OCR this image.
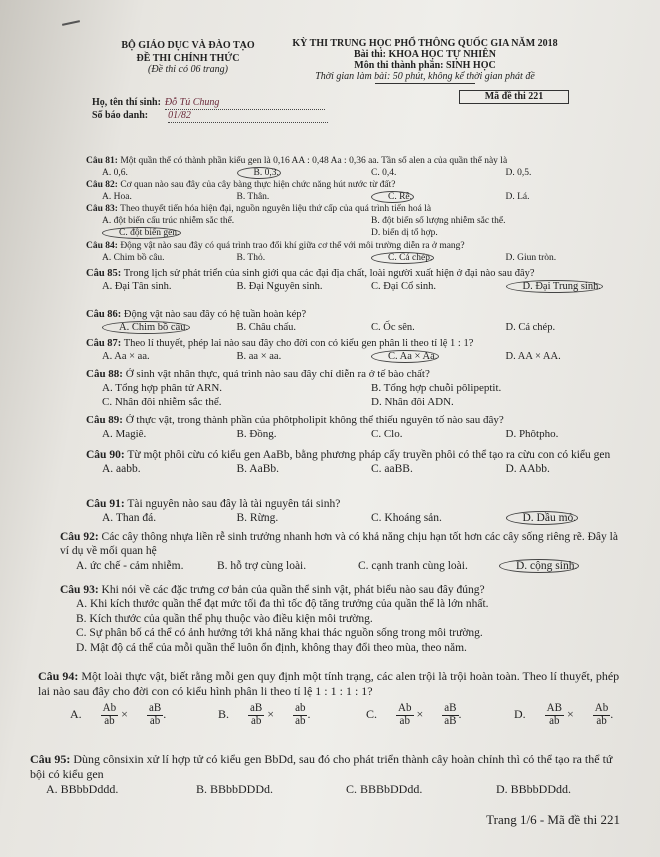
BỘ GIÁO DỤC VÀ ĐÀO TẠO
ĐỀ THI CHÍNH THỨC
(Đề thi có 06 trang)
KỲ THI TRUNG HỌC PHỔ THÔNG QUỐC GIA NĂM 2018
Bài thi: KHOA HỌC TỰ NHIÊN
Môn thi thành phần: SINH HỌC
Thời gian làm bài: 50 phút, không kể thời gian phát đề
Họ, tên thí sinh: Đỗ Tú Chung
Số báo danh: 01/82
Mã đề thi 221
Câu 81: Một quần thể có thành phần kiểu gen là 0,16 AA : 0,48 Aa : 0,36 aa. Tần số alen a của quần thể này là
A. 0,6.	B. 0,3.	C. 0,4.	D. 0,5.
Câu 82: Cơ quan nào sau đây của cây bàng thực hiện chức năng hút nước từ đất?
A. Hoa.	B. Thân.	C. Rễ.	D. Lá.
Câu 83: Theo thuyết tiến hóa hiện đại, nguồn nguyên liệu thứ cấp của quá trình tiến hoá là
A. đột biến cấu trúc nhiễm sắc thể.	B. đột biến số lượng nhiễm sắc thể.
C. đột biến gen.	D. biến dị tổ hợp.
Câu 84: Động vật nào sau đây có quá trình trao đổi khí giữa cơ thể với môi trường diễn ra ở mang?
A. Chim bồ câu.	B. Thỏ.	C. Cá chép.	D. Giun tròn.
Câu 85: Trong lịch sử phát triển của sinh giới qua các đại địa chất, loài người xuất hiện ở đại nào sau đây?
A. Đại Tân sinh.	B. Đại Nguyên sinh.	C. Đại Cổ sinh.	D. Đại Trung sinh.
Câu 86: Động vật nào sau đây có hệ tuần hoàn kép?
A. Chim bồ câu.	B. Châu chấu.	C. Ốc sên.	D. Cá chép.
Câu 87: Theo lí thuyết, phép lai nào sau đây cho đời con có kiểu gen phân li theo tỉ lệ 1 : 1?
A. Aa × aa.	B. aa × aa.	C. Aa × Aa.	D. AA × AA.
Câu 88: Ở sinh vật nhân thực, quá trình nào sau đây chỉ diễn ra ở tế bào chất?
A. Tổng hợp phân tử ARN.	B. Tổng hợp chuỗi pôlipeptit.
C. Nhân đôi nhiễm sắc thể.	D. Nhân đôi ADN.
Câu 89: Ở thực vật, trong thành phần của phôtpholipit không thể thiếu nguyên tố nào sau đây?
A. Magiê.	B. Đồng.	C. Clo.	D. Phôtpho.
Câu 90: Từ một phôi cừu có kiểu gen AaBb, bằng phương pháp cấy truyền phôi có thể tạo ra cừu con có kiểu gen
A. aabb.	B. AaBb.	C. aaBB.	D. AAbb.
Câu 91: Tài nguyên nào sau đây là tài nguyên tái sinh?
A. Than đá.	B. Rừng.	C. Khoáng sản.	D. Dầu mỏ.
Câu 92: Các cây thông nhựa liền rễ sinh trưởng nhanh hơn và có khả năng chịu hạn tốt hơn các cây sống riêng rẽ. Đây là ví dụ về mối quan hệ
A. ức chế - cảm nhiễm.	B. hỗ trợ cùng loài.	C. cạnh tranh cùng loài.	D. cộng sinh.
Câu 93: Khi nói về các đặc trưng cơ bản của quần thể sinh vật, phát biểu nào sau đây đúng?
A. Khi kích thước quần thể đạt mức tối đa thì tốc độ tăng trưởng của quần thể là lớn nhất.
B. Kích thước của quần thể phụ thuộc vào điều kiện môi trường.
C. Sự phân bố cá thể có ảnh hưởng tới khả năng khai thác nguồn sống trong môi trường.
D. Mật độ cá thể của mỗi quần thể luôn ổn định, không thay đổi theo mùa, theo năm.
Câu 94: Một loài thực vật, biết rằng mỗi gen quy định một tính trạng, các alen trội là trội hoàn toàn. Theo lí thuyết, phép lai nào sau đây cho đời con có kiểu hình phân li theo tỉ lệ 1 : 1 : 1 : 1?
A. $\frac{Ab}{ab} \times \frac{aB}{ab}$ .	B. $\frac{aB}{ab} \times \frac{ab}{ab}$ .	C. $\frac{Ab}{ab} \times \frac{aB}{aB}$ .	D. $\frac{AB}{ab} \times \frac{Ab}{ab}$ .
Câu 95: Dùng cônsixin xử lí hợp tử có kiểu gen BbDd, sau đó cho phát triển thành cây hoàn chỉnh thì có thể tạo ra thể tứ bội có kiểu gen
A. BBbbDddd.	B. BBbbDDDd.	C. BBBbDDdd.	D. BBbbDDdd.
Trang 1/6 - Mã đề thi 221
